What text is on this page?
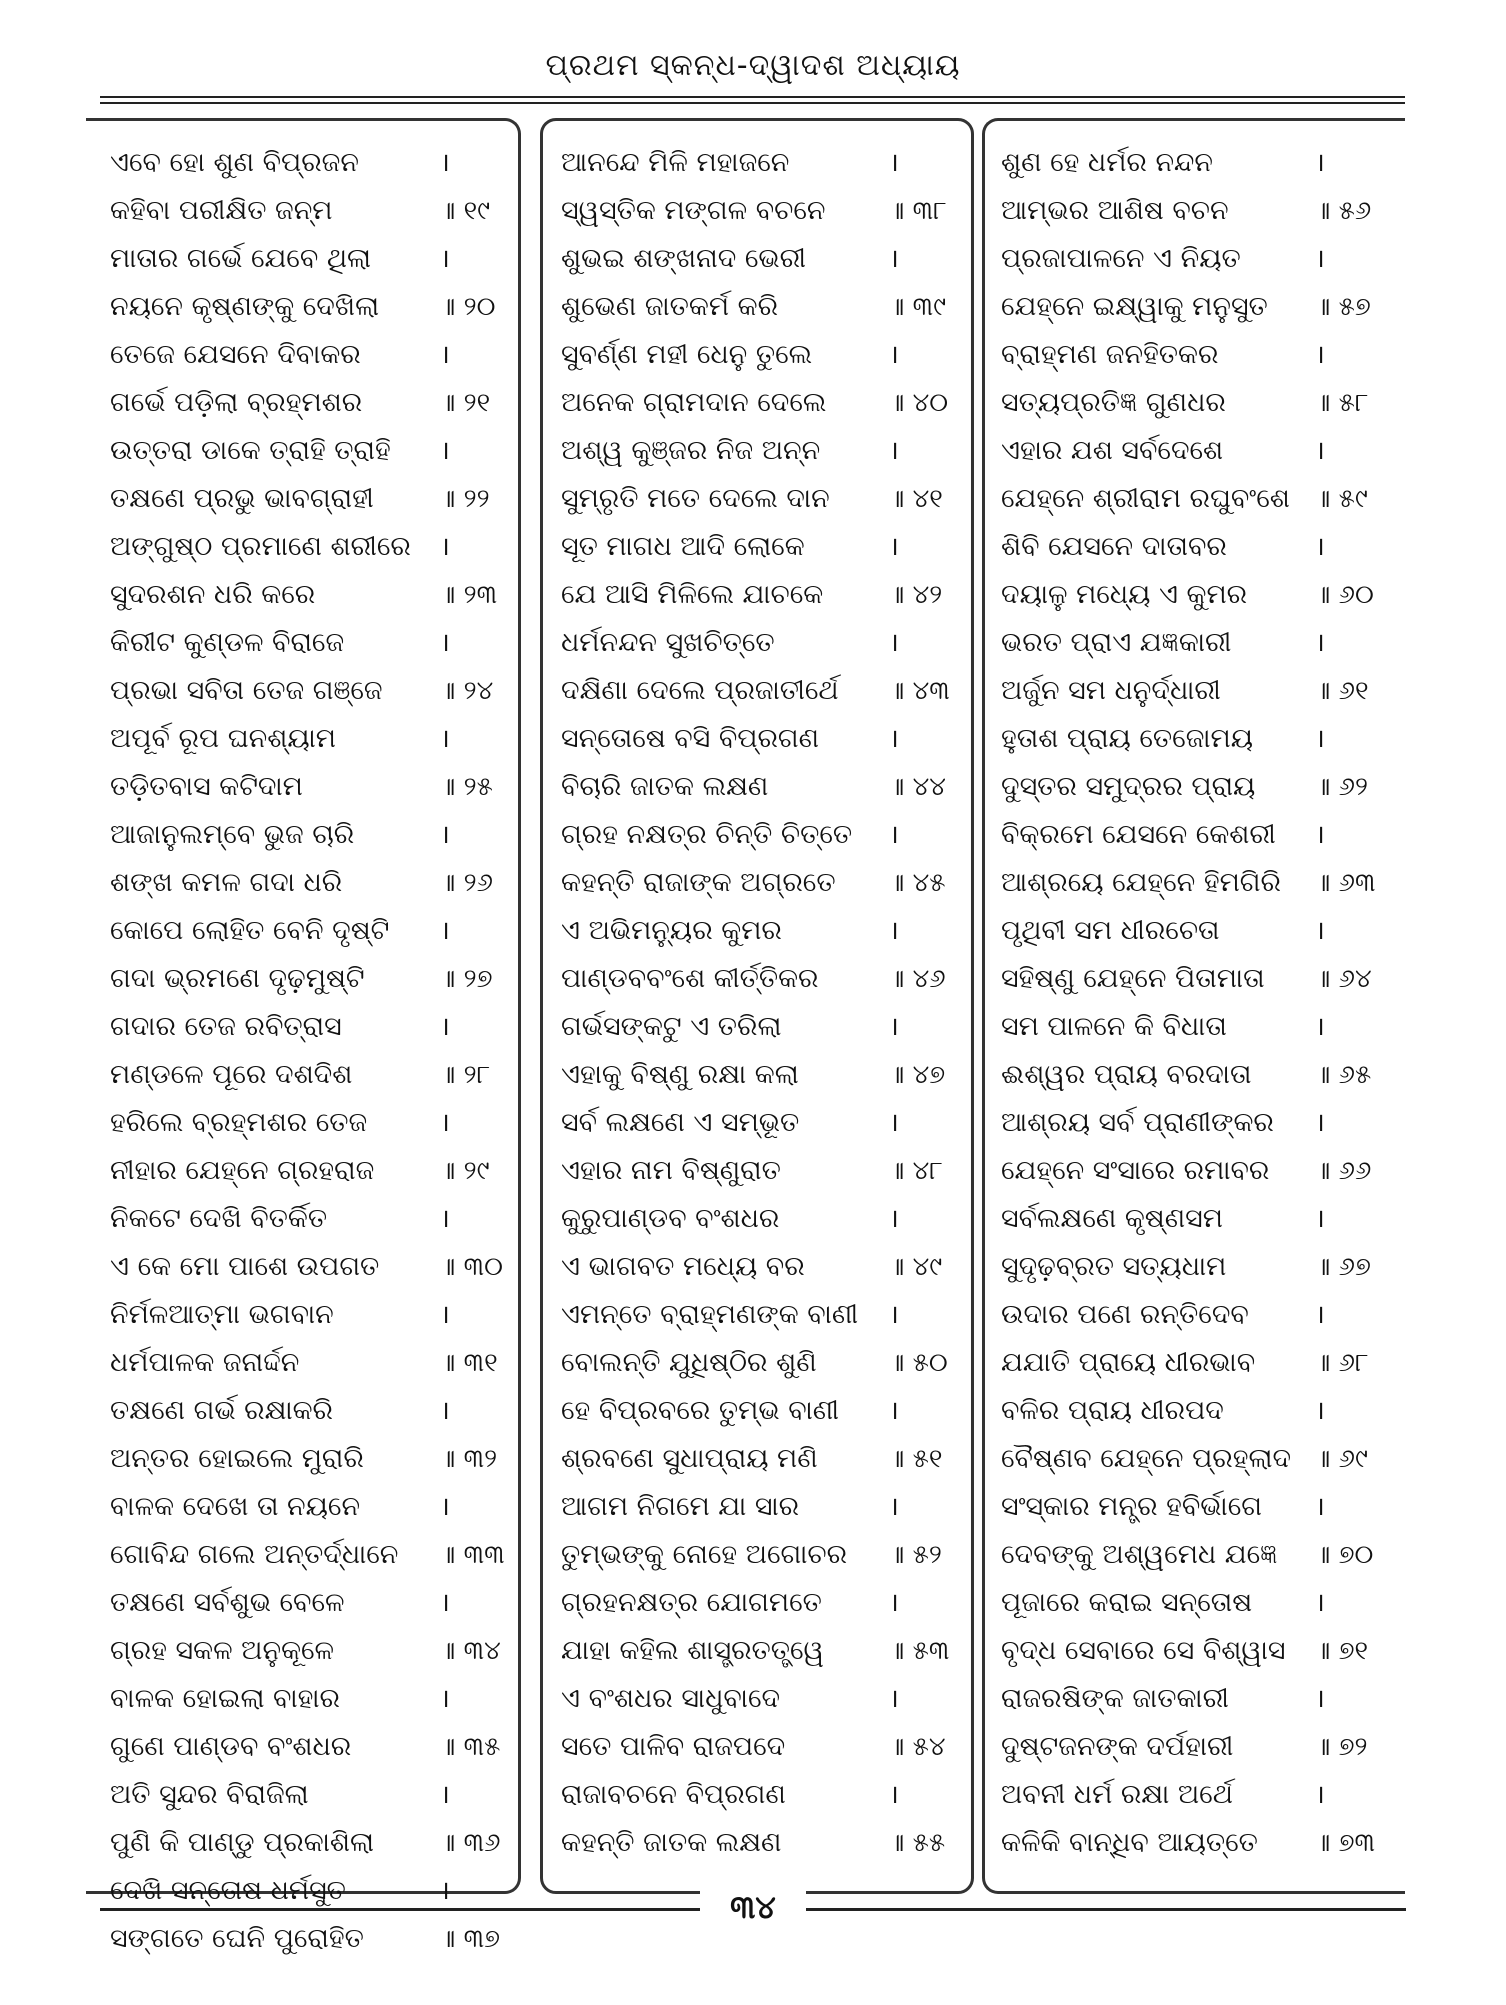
ପ୍ରଥମ ସ୍କନ୍ଧ-ଦ୍ୱାଦଶ ଅଧ୍ୟାୟ
ଏବେ ହୋ ଶୁଣ ବିପ୍ରଜନ	।
କହିବା ପରୀକ୍ଷିତ ଜନ୍ମ	॥ ୧୯
ମାତାର ଗର୍ଭେ ଯେବେ ଥିଲା	।
ନୟନେ କୃଷ୍ଣଙ୍କୁ ଦେଖିଲା ॥ ୨୦
ତେଜେ ଯେସନେ ଦିବାକର	।
ଗର୍ଭେ ପଡ଼ିଲା ବ୍ରହ୍ମଶର	॥ ୨୧
ଉତ୍ତରା ଡାକେ ତ୍ରାହି ତ୍ରାହି ।
ତକ୍ଷଣେ ପ୍ରଭୁ ଭାବଗ୍ରାହୀ	॥ ୨୨
ଅଙ୍ଗୁଷ୍ଠ ପ୍ରମାଣେ ଶରୀରେ ।
ସୁଦରଶନ ଧରି କରେ	॥ ୨୩
କିରୀଟ କୁଣ୍ଡଳ ବିରାଜେ	।
ପ୍ରଭା ସବିତା ତେଜ ଗଞ୍ଜେ ॥ ୨୪
ଅପୂର୍ବ ରୂପ ଘନଶ୍ୟାମ	।
ତଡ଼ିତବାସ କଟିଦାମ	॥ ୨୫
ଆଜାନୁଲମ୍ବେ ଭୁଜ ଚାରି	।
ଶଙ୍ଖ କମଳ ଗଦା ଧରି	॥ ୨୬
କୋପେ ଲୋହିତ ବେନି ଦୃଷ୍ଟି ।
ଗଦା ଭ୍ରମଣେ ଦୃଢ଼ମୁଷ୍ଟି	॥ ୨୭
ଗଦାର ତେଜ ରବିତ୍ରାସ	।
ମଣ୍ଡଳେ ପୂରେ ଦଶଦିଶ	॥ ୨୮
ହରିଲେ ବ୍ରହ୍ମଶର ତେଜ	।
ନୀହାର ଯେହ୍ନେ ଗ୍ରହରାଜ	॥ ୨୯
ନିକଟେ ଦେଖି ବିତର୍କିତ	।
ଏ କେ ମୋ ପାଶେ ଉପଗତ ॥ ୩୦
ନିର୍ମଳଆତ୍ମା ଭଗବାନ	।
ଧର୍ମପାଳକ ଜନାର୍ଦ୍ଦନ	॥ ୩୧
ତକ୍ଷଣେ ଗର୍ଭ ରକ୍ଷାକରି	।
ଅନ୍ତର ହୋଇଲେ ମୁରାରି	॥ ୩୨
ବାଳକ ଦେଖେ ତା ନୟନେ	।
ଗୋବିନ୍ଦ ଗଲେ ଅନ୍ତର୍ଦ୍ଧାନେ ॥ ୩୩
ତକ୍ଷଣେ ସର୍ବଶୁଭ ବେଳେ	।
ଗ୍ରହ ସକଳ ଅନୁକୂଳେ	॥ ୩୪
ବାଳକ ହୋଇଲା ବାହାର	।
ଗୁଣେ ପାଣ୍ଡବ ବଂଶଧର	॥ ୩୫
ଅତି ସୁନ୍ଦର ବିରାଜିଲା	।
ପୁଣି କି ପାଣ୍ଡୁ ପ୍ରକାଶିଲା	॥ ୩୬
ଦେଖି ସନ୍ତୋଷ ଧର୍ମସୁତ	।
ସଙ୍ଗତେ ଘେନି ପୁରୋହିତ	॥ ୩୭
ଆନନ୍ଦେ ମିଳି ମହାଜନେ	।
ସ୍ୱସ୍ତିକ ମଙ୍ଗଳ ବଚନେ ॥ ୩୮
ଶୁଭଇ ଶଙ୍ଖନାଦ ଭେରୀ	।
ଶୁଭେଣ ଜାତକର୍ମ କରି	॥ ୩୯
ସୁବର୍ଣ୍ଣ ମହୀ ଧେନୁ ତୁଲେ	।
ଅନେକ ଗ୍ରାମଦାନ ଦେଲେ ॥ ୪୦
ଅଶ୍ୱ କୁଞ୍ଜର ନିଜ ଅନ୍ନ	।
ସୁମ୍ରୃତି ମତେ ଦେଲେ ଦାନ ॥ ୪୧
ସୂତ ମାଗଧ ଆଦି ଲୋକେ	।
ଯେ ଆସି ମିଳିଲେ ଯାଚକେ	॥ ୪୨
ଧର୍ମନନ୍ଦନ ସୁଖଚିତ୍ତେ	।
ଦକ୍ଷିଣା ଦେଲେ ପ୍ରଜାତୀର୍ଥେ ॥ ୪୩
ସନ୍ତୋଷେ ବସି ବିପ୍ରଗଣ	।
ବିଚାରି ଜାତକ ଲକ୍ଷଣ	॥ ୪୪
ଗ୍ରହ ନକ୍ଷତ୍ର ଚିନ୍ତି ଚିତ୍ତେ ।
କହନ୍ତି ରାଜାଙ୍କ ଅଗ୍ରତେ ॥ ୪୫
ଏ ଅଭିମନ୍ୟୁର କୁମର	।
ପାଣ୍ଡବବଂଶେ କୀର୍ତ୍ତିକର	॥ ୪୬
ଗର୍ଭସଙ୍କଟୁ ଏ ତରିଲା	।
ଏହାକୁ ବିଷ୍ଣୁ ରକ୍ଷା କଲା	॥ ୪୭
ସର୍ବ ଲକ୍ଷଣେ ଏ ସମ୍ଭୂତ	।
ଏହାର ନାମ ବିଷ୍ଣୁରାତ	॥ ୪୮
କୁରୁପାଣ୍ଡବ ବଂଶଧର	।
ଏ ଭାଗବତ ମଧ୍ୟେ ବର	॥ ୪୯
ଏମନ୍ତେ ବ୍ରାହ୍ମଣଙ୍କ ବାଣୀ ।
ବୋଲନ୍ତି ଯୁଧିଷ୍ଠିର ଶୁଣି	॥ ୫୦
ହେ ବିପ୍ରବରେ ତୁମ୍ଭ ବାଣୀ ।
ଶ୍ରବଣେ ସୁଧାପ୍ରାୟ ମଣି	॥ ୫୧
ଆଗମ ନିଗମେ ଯା ସାର	।
ତୁମ୍ଭଙ୍କୁ ନୋହେ ଅଗୋଚର ॥ ୫୨
ଗ୍ରହନକ୍ଷତ୍ର ଯୋଗମତେ	।
ଯାହା କହିଲ ଶାସ୍ତ୍ରତତ୍ତ୍ୱେ	॥ ୫୩
ଏ ବଂଶଧର ସାଧୁବାଦେ	।
ସତେ ପାଳିବ ରାଜପଦେ	॥ ୫୪
ରାଜାବଚନେ ବିପ୍ରଗଣ	।
କହନ୍ତି ଜାତକ ଲକ୍ଷଣ	॥ ୫୫
ଶୁଣ ହେ ଧର୍ମର ନନ୍ଦନ	।
ଆମ୍ଭର ଆଶିଷ ବଚନ	॥ ୫୬
ପ୍ରଜାପାଳନେ ଏ ନିୟତ	।
ଯେହ୍ନେ ଇକ୍ଷ୍ୱାକୁ ମନୁସୁତ ॥ ୫୭
ବ୍ରାହ୍ମଣ ଜନହିତକର	।
ସତ୍ୟପ୍ରତିଜ୍ଞ ଗୁଣଧର	॥ ୫୮
ଏହାର ଯଶ ସର୍ବଦେଶେ	।
ଯେହ୍ନେ ଶ୍ରୀରାମ ରଘୁବଂଶେ ॥ ୫୯
ଶିବି ଯେସନେ ଦାତାବର	।
ଦୟାଳୁ ମଧ୍ୟେ ଏ କୁମର	॥ ୬୦
ଭରତ ପ୍ରାଏ ଯଜ୍ଞକାରୀ	।
ଅର୍ଜୁନ ସମ ଧନୁର୍ଦ୍ଧାରୀ	॥ ୬୧
ହୁତାଶ ପ୍ରାୟ ତେଜୋମୟ ।
ଦୁସ୍ତର ସମୁଦ୍ରର ପ୍ରାୟ ॥ ୬୨
ବିକ୍ରମେ ଯେସନେ କେଶରୀ ।
ଆଶ୍ରୟେ ଯେହ୍ନେ ହିମଗିରି ॥ ୬୩
ପୃଥିବୀ ସମ ଧୀରଚେତା	।
ସହିଷ୍ଣୁ ଯେହ୍ନେ ପିତାମାତା ॥ ୬୪
ସମ ପାଳନେ କି ବିଧାତା	।
ଈଶ୍ୱର ପ୍ରାୟ ବରଦାତା ॥ ୬୫
ଆଶ୍ରୟ ସର୍ବ ପ୍ରାଣୀଙ୍କର ।
ଯେହ୍ନେ ସଂସାରେ ରମାବର ॥ ୬୬
ସର୍ବଲକ୍ଷଣେ କୃଷ୍ଣସମ	।
ସୁଦୃଢ଼ବ୍ରତ ସତ୍ୟଧାମ	॥ ୬୭
ଉଦାର ପଣେ ରନ୍ତିଦେବ	।
ଯଯାତି ପ୍ରାୟେ ଧୀରଭାବ ॥ ୬୮
ବଳିର ପ୍ରାୟ ଧୀରପଦ	।
ବୈଷ୍ଣବ ଯେହ୍ନେ ପ୍ରହ୍ଲାଦ ॥ ୬୯
ସଂସ୍କାର ମନ୍ତ୍ର ହବିର୍ଭାଗେ ।
ଦେବଙ୍କୁ ଅଶ୍ୱମେଧ ଯଜ୍ଞେ ॥ ୭୦
ପୂଜାରେ କରାଇ ସନ୍ତୋଷ ।
ବୃଦ୍ଧ ସେବାରେ ସେ ବିଶ୍ୱାସ ॥ ୭୧
ରାଜରଷିଙ୍କ ଜାତକାରୀ	।
ଦୁଷ୍ଟଜନଙ୍କ ଦର୍ପହାରୀ	॥ ୭୨
ଅବନୀ ଧର୍ମ ରକ୍ଷା ଅର୍ଥେ	।
କଳିକି ବାନ୍ଧିବ ଆୟତ୍ତେ ॥ ୭୩
୩୪
